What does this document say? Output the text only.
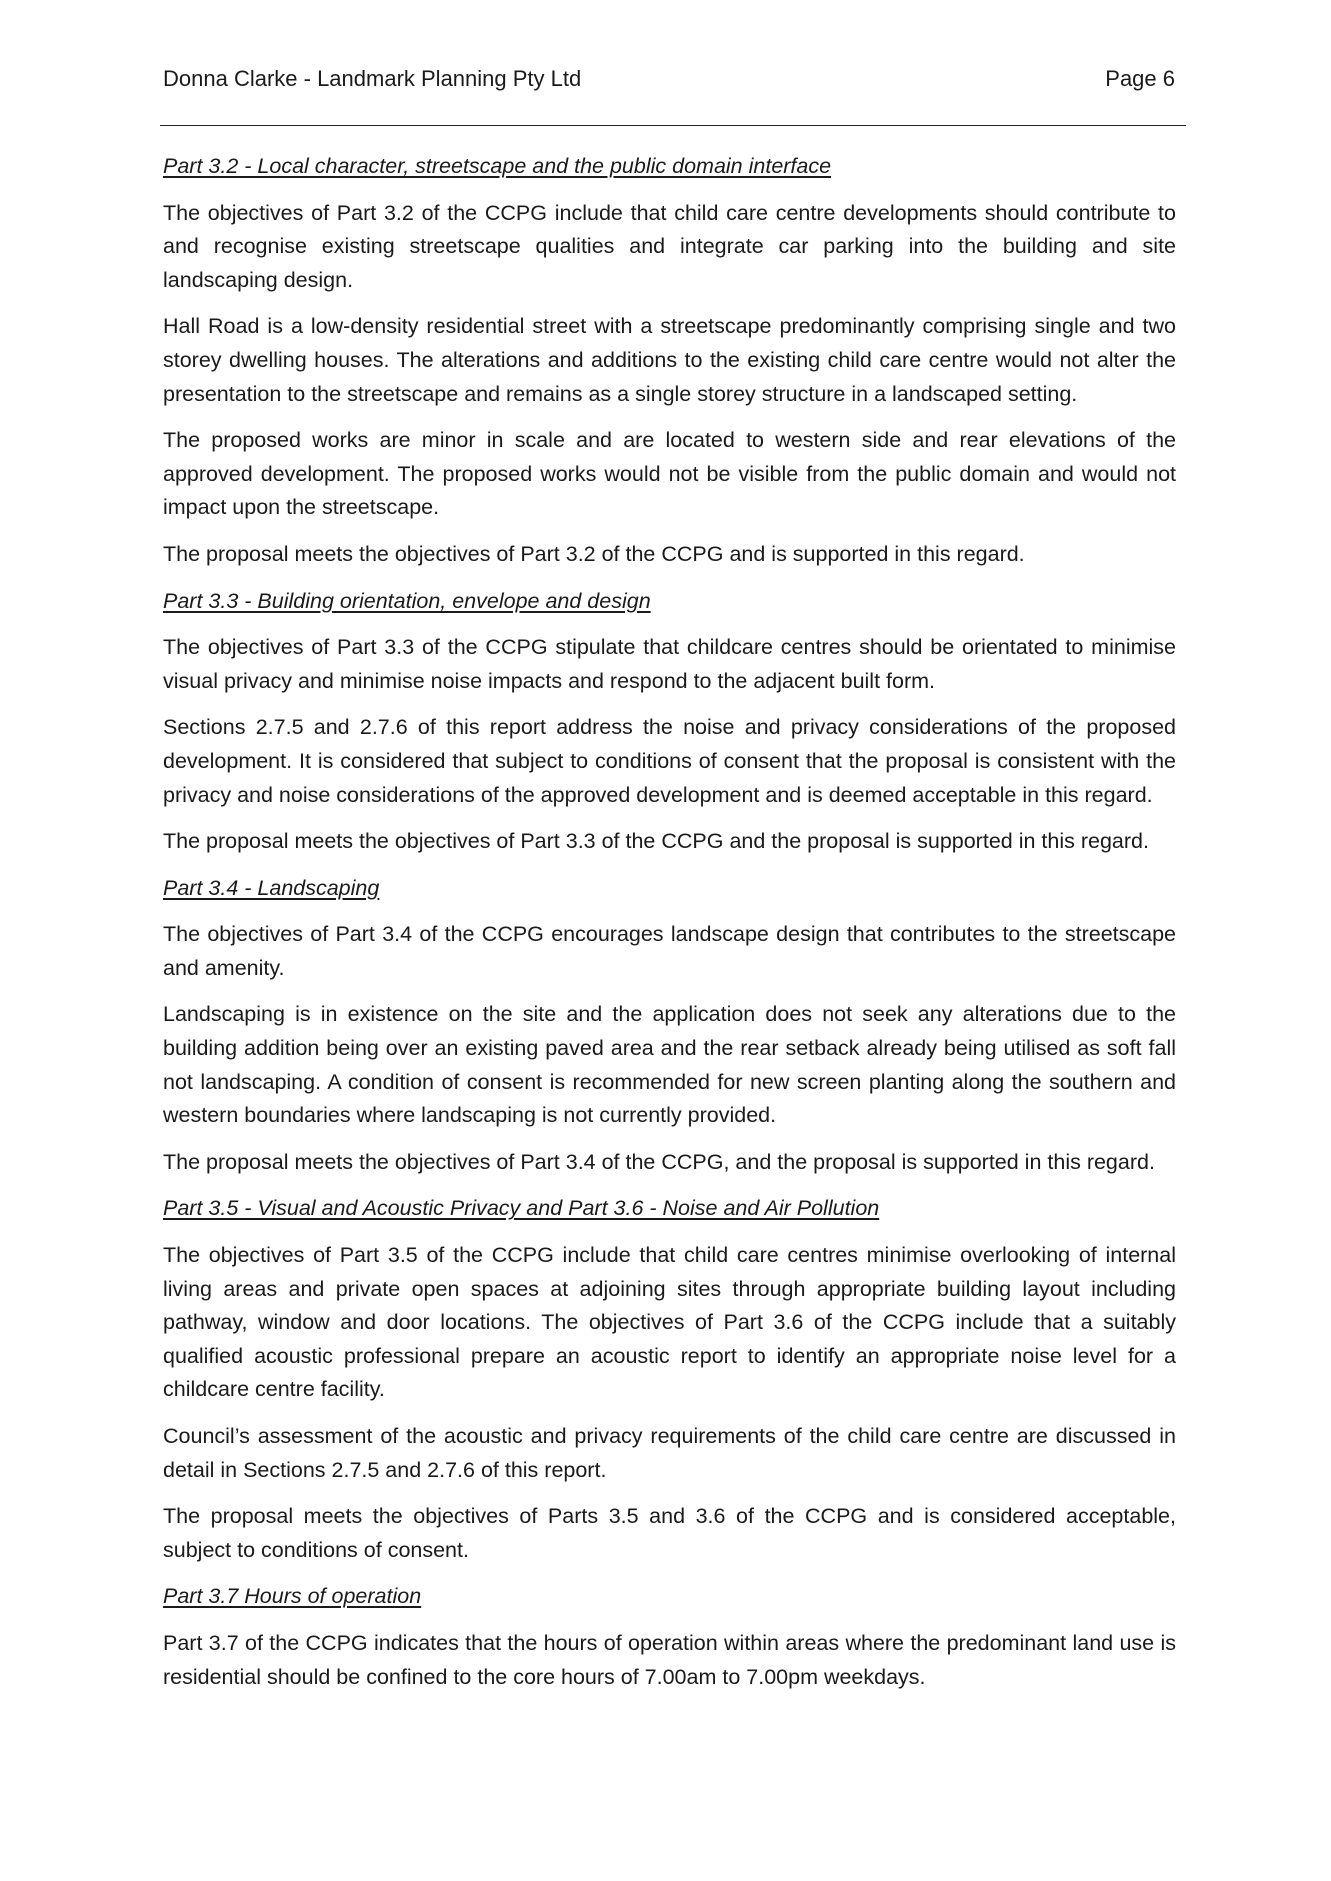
Donna Clarke - Landmark Planning Pty Ltd	Page 6
Part 3.2 - Local character, streetscape and the public domain interface

The objectives of Part 3.2 of the CCPG include that child care centre developments should contribute to and recognise existing streetscape qualities and integrate car parking into the building and site landscaping design.

Hall Road is a low-density residential street with a streetscape predominantly comprising single and two storey dwelling houses. The alterations and additions to the existing child care centre would not alter the presentation to the streetscape and remains as a single storey structure in a landscaped setting.

The proposed works are minor in scale and are located to western side and rear elevations of the approved development. The proposed works would not be visible from the public domain and would not impact upon the streetscape.

The proposal meets the objectives of Part 3.2 of the CCPG and is supported in this regard.

Part 3.3 - Building orientation, envelope and design

The objectives of Part 3.3 of the CCPG stipulate that childcare centres should be orientated to minimise visual privacy and minimise noise impacts and respond to the adjacent built form.

Sections 2.7.5 and 2.7.6 of this report address the noise and privacy considerations of the proposed development. It is considered that subject to conditions of consent that the proposal is consistent with the privacy and noise considerations of the approved development and is deemed acceptable in this regard.

The proposal meets the objectives of Part 3.3 of the CCPG and the proposal is supported in this regard.

Part 3.4 - Landscaping

The objectives of Part 3.4 of the CCPG encourages landscape design that contributes to the streetscape and amenity.

Landscaping is in existence on the site and the application does not seek any alterations due to the building addition being over an existing paved area and the rear setback already being utilised as soft fall not landscaping. A condition of consent is recommended for new screen planting along the southern and western boundaries where landscaping is not currently provided.

The proposal meets the objectives of Part 3.4 of the CCPG, and the proposal is supported in this regard.

Part 3.5 - Visual and Acoustic Privacy and Part 3.6 - Noise and Air Pollution

The objectives of Part 3.5 of the CCPG include that child care centres minimise overlooking of internal living areas and private open spaces at adjoining sites through appropriate building layout including pathway, window and door locations. The objectives of Part 3.6 of the CCPG include that a suitably qualified acoustic professional prepare an acoustic report to identify an appropriate noise level for a childcare centre facility.

Council’s assessment of the acoustic and privacy requirements of the child care centre are discussed in detail in Sections 2.7.5 and 2.7.6 of this report.

The proposal meets the objectives of Parts 3.5 and 3.6 of the CCPG and is considered acceptable, subject to conditions of consent.

Part 3.7 Hours of operation

Part 3.7 of the CCPG indicates that the hours of operation within areas where the predominant land use is residential should be confined to the core hours of 7.00am to 7.00pm weekdays.
